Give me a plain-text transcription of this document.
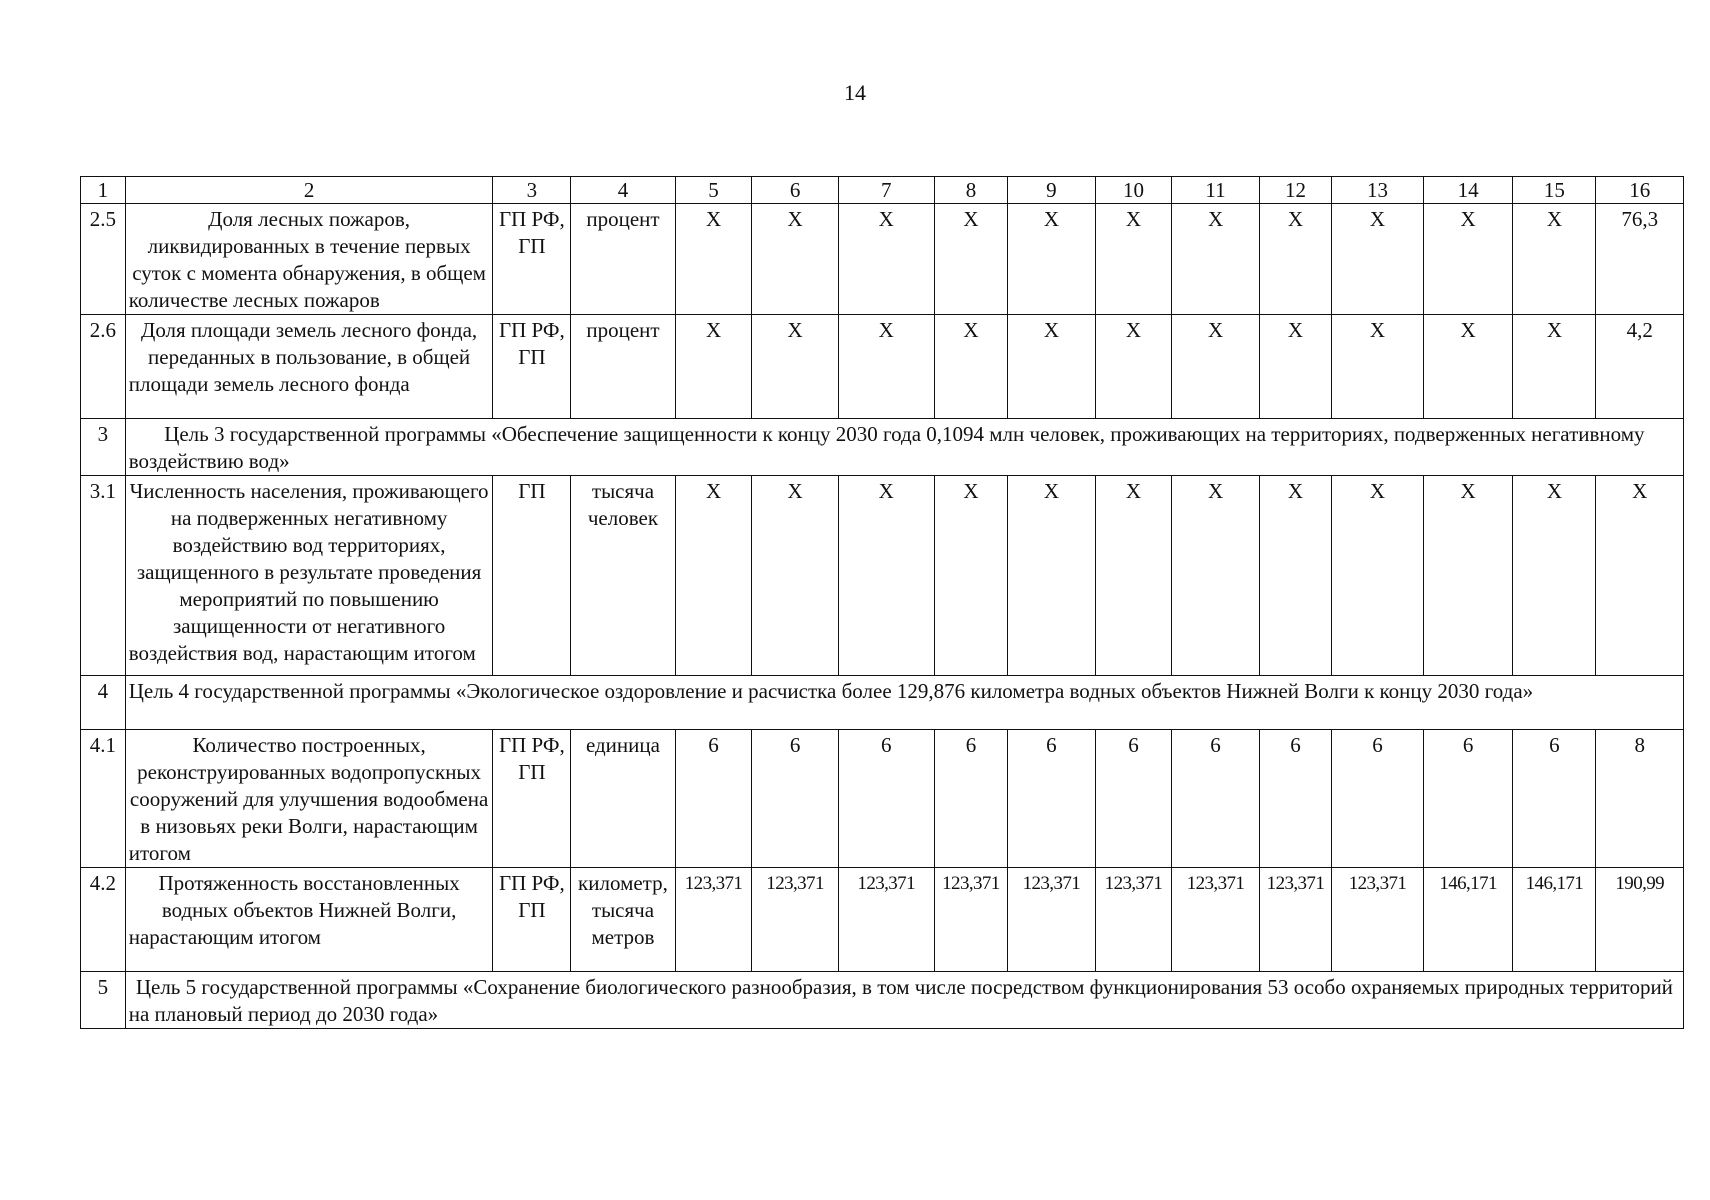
14
1	2	3	4	5	6	7	8	9	10	11	12	13	14	15	16
2.5	Доля лесных пожаров, ликвидированных в течение первых суток с момента обнаружения, в общем количестве лесных пожаров	ГП РФ, ГП	процент	X	X	X	X	X	X	X	X	X	X	X	76,3
2.6	Доля площади земель лесного фонда, переданных в пользование, в общей площади земель лесного фонда	ГП РФ, ГП	процент	X	X	X	X	X	X	X	X	X	X	X	4,2
3	Цель 3 государственной программы «Обеспечение защищенности к концу 2030 года 0,1094 млн человек, проживающих на территориях, подверженных негативному воздействию вод»														
3.1	Численность населения, проживающего на подверженных негативному воздействию вод территориях, защищенного в результате проведения мероприятий по повышению защищенности от негативного воздействия вод, нарастающим итогом	ГП	тысяча человек	X	X	X	X	X	X	X	X	X	X	X	X
4	Цель 4 государственной программы «Экологическое оздоровление и расчистка более 129,876 километра водных объектов Нижней Волги к концу 2030 года»														
4.1	Количество построенных, реконструированных водопропускных сооружений для улучшения водообмена в низовьях реки Волги, нарастающим итогом	ГП РФ, ГП	единица	6	6	6	6	6	6	6	6	6	6	6	8
4.2	Протяженность восстановленных водных объектов Нижней Волги, нарастающим итогом	ГП РФ, ГП	километр, тысяча метров	123,371	123,371	123,371	123,371	123,371	123,371	123,371	123,371	123,371	146,171	146,171	190,99
5	Цель 5 государственной программы «Сохранение биологического разнообразия, в том числе посредством функционирования 53 особо охраняемых природных территорий на плановый период до 2030 года»														
